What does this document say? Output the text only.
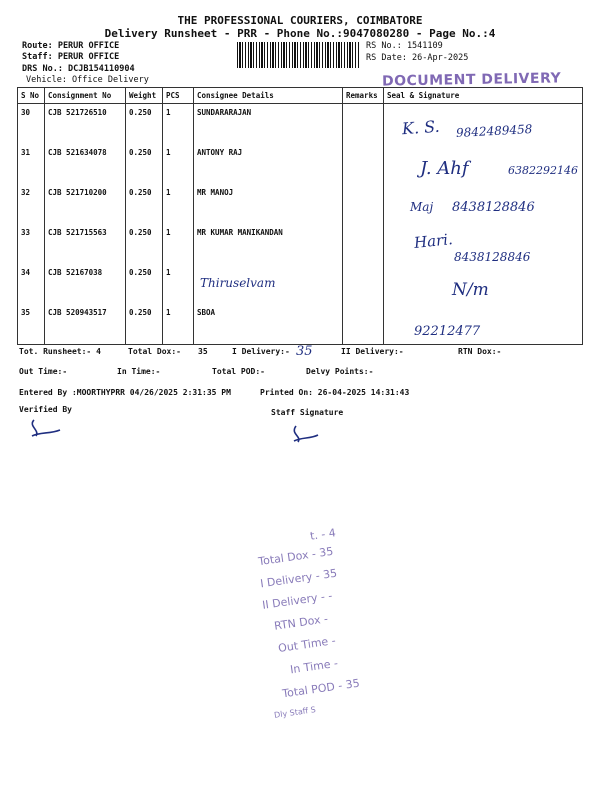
THE PROFESSIONAL COURIERS, COIMBATORE
Delivery Runsheet - PRR - Phone No.:9047080280 - Page No.:4
Route: PERUR OFFICE
Staff: PERUR OFFICE
DRS No.: DCJB154110904
Vehicle: Office Delivery
RS No.: 1541109
RS Date: 26-Apr-2025
DOCUMENT DELIVERY
S No	Consignment No	Weight	PCS	Consignee Details	Remarks	Seal & Signature
30	CJB 521726510	0.250	1	SUNDARARAJAN		
31	CJB 521634078	0.250	1	ANTONY RAJ		
32	CJB 521710200	0.250	1	MR MANOJ		
33	CJB 521715563	0.250	1	MR KUMAR MANIKANDAN		
34	CJB 52167038	0.250	1			
35	CJB 520943517	0.250	1	SBOA		
K. S. 9842489458
J. Ahf	6382292146
Maj 8438128846
Hari.
8438128846
Thiruselvam	N/m
92212477
Tot. Runsheet:- 4	Total Dox:- 35	I Delivery:- 35	II Delivery:-	RTN Dox:-
Out Time:-	In Time:-	Total POD:-	Delvy Points:-
Entered By :MOORTHYPRR 04/26/2025 2:31:35 PM	Printed On: 26-04-2025 14:31:43
Verified By	Staff Signature
t. - 4
Total Dox - 35
I Delivery - 35
II Delivery - -
RTN Dox -
Out Time -
In Time -
Total POD - 35
Dly Staff S
